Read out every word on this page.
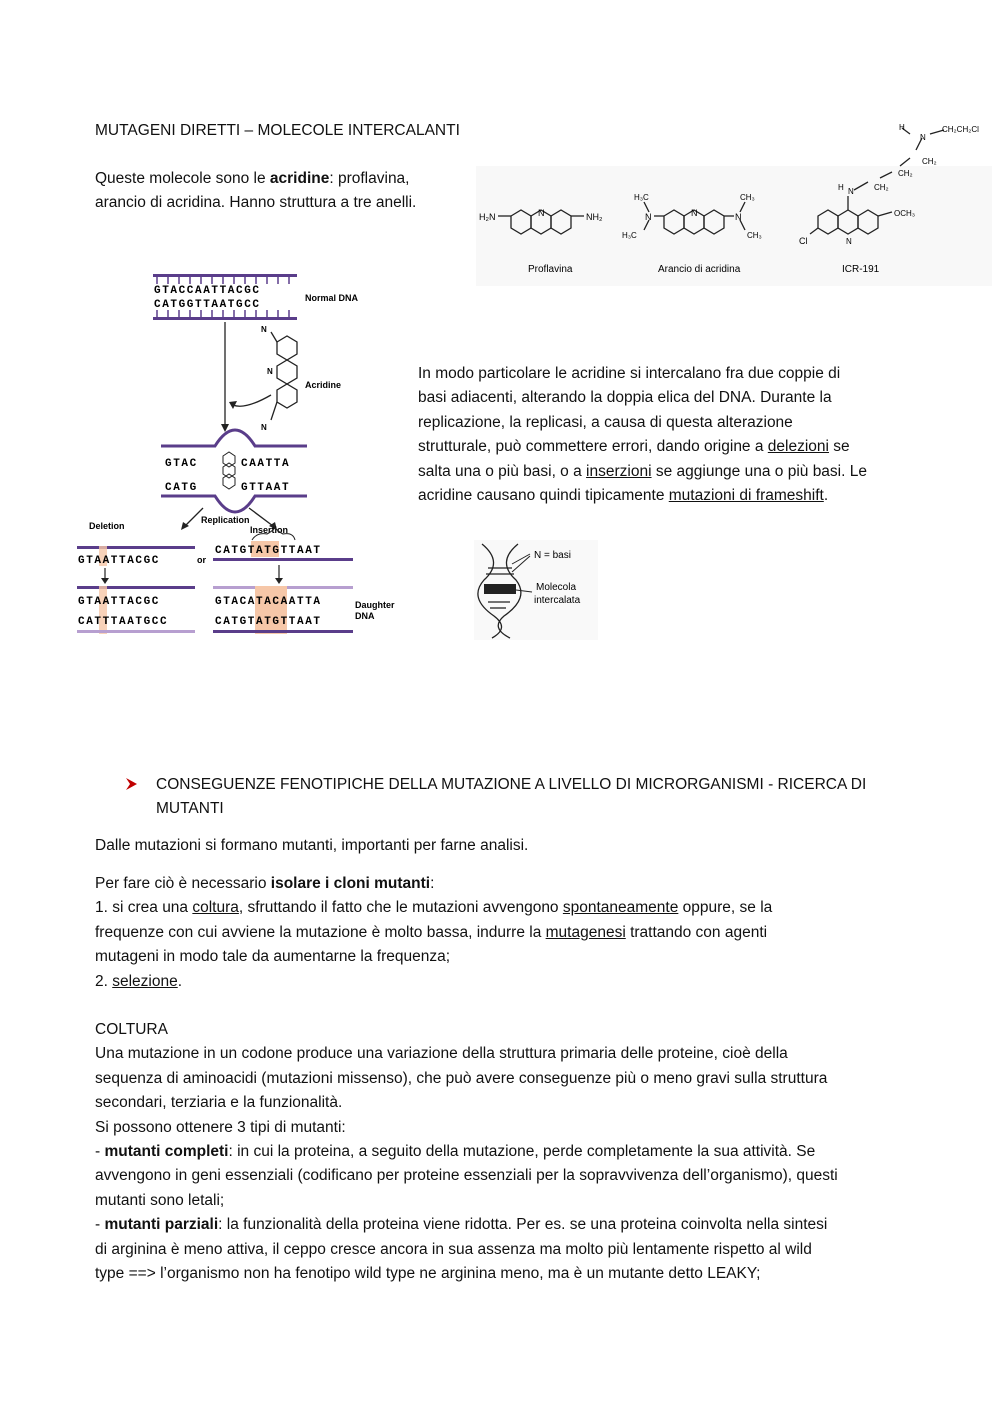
MUTAGENI DIRETTI – MOLECOLE INTERCALANTI
Queste molecole sono le acridine: proflavina,
arancio di acridina. Hanno struttura a tre anelli.
H₂N	N	NH₂
Proflavina
N
H₃C
H₃C
N	N
CH₃
CH₃
Arancio di acridina
H
N
CH₂CH₂Cl
CH₂
CH₂
CH₂
H N
OCH₃
Cl	N
ICR-191
GTACCAATTACGC
CATGGTTAATGCC
Normal DNA
N
N
N
Acridine
GTAC	CAATTA
CATG	GTTAAT
Replication
Deletion	Insertion
GTAATTACGC	or
CATGTATGTTAAT
GTAATTACGC
CATTTAATGCC
GTACATACAATTA
CATGTATGTTAAT
Daughter
DNA
In modo particolare le acridine si intercalano fra due coppie di
basi adiacenti, alterando la doppia elica del DNA. Durante la
replicazione, la replicasi, a causa di questa alterazione
strutturale, può commettere errori, dando origine a delezioni se
salta una o più basi, o a inserzioni se aggiunge una o più basi. Le
acridine causano quindi tipicamente mutazioni di frameshift.
N = basi
Molecola
intercalata
CONSEGUENZE FENOTIPICHE DELLA MUTAZIONE A LIVELLO DI MICRORGANISMI - RICERCA DI
MUTANTI
Dalle mutazioni si formano mutanti, importanti per farne analisi.
Per fare ciò è necessario isolare i cloni mutanti:
1. si crea una coltura, sfruttando il fatto che le mutazioni avvengono spontaneamente oppure, se la
frequenze con cui avviene la mutazione è molto bassa, indurre la mutagenesi trattando con agenti
mutageni in modo tale da aumentarne la frequenza;
2. selezione.
COLTURA
Una mutazione in un codone produce una variazione della struttura primaria delle proteine, cioè della
sequenza di aminoacidi (mutazioni missenso), che può avere conseguenze più o meno gravi sulla struttura
secondari, terziaria e la funzionalità.
Si possono ottenere 3 tipi di mutanti:
- mutanti completi: in cui la proteina, a seguito della mutazione, perde completamente la sua attività. Se
avvengono in geni essenziali (codificano per proteine essenziali per la sopravvivenza dell’organismo), questi
mutanti sono letali;
- mutanti parziali: la funzionalità della proteina viene ridotta. Per es. se una proteina coinvolta nella sintesi
di arginina è meno attiva, il ceppo cresce ancora in sua assenza ma molto più lentamente rispetto al wild
type ==> l’organismo non ha fenotipo wild type ne arginina meno, ma è un mutante detto LEAKY;
